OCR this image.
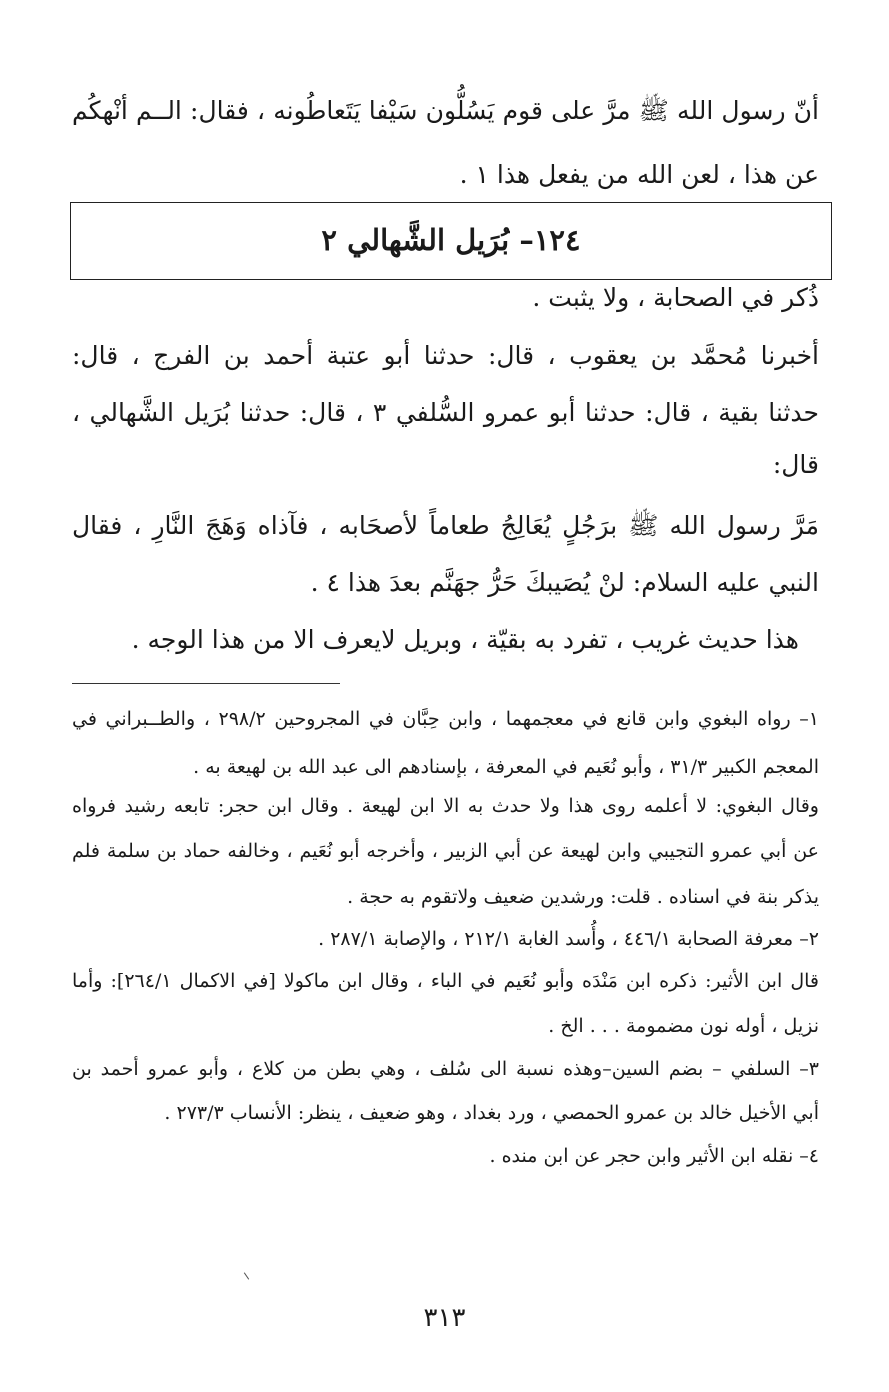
أنّ رسول الله ﷺ مرَّ على قوم يَسُلُّون سَيْفا يَتَعاطُونه ، فقال: الــم أنْهكُم
عن هذا ، لعن الله من يفعل هذا ١ .
١٢٤– بُرَيل الشَّهالي ٢
ذُكر في الصحابة ، ولا يثبت .
أخبرنا مُحمَّد بن يعقوب ، قال: حدثنا أبو عتبة أحمد بن الفرج ، قال:
حدثنا بقية ، قال: حدثنا أبو عمرو السُّلفي ٣ ، قال: حدثنا بُرَيل الشَّهالي ،
قال:
مَرَّ رسول الله ﷺ برَجُلٍ يُعَالِجُ طعاماً لأصحَابه ، فآذاه وَهَجَ النَّارِ ، فقال
النبي عليه السلام: لنْ يُصَيبكَ حَرُّ جهَنَّم بعدَ هذا ٤ .
هذا حديث غريب ، تفرد به بقيّة ، وبريل لايعرف الا من هذا الوجه .
١– رواه البغوي وابن قانع في معجمهما ، وابن حِبَّان في المجروحين ٢٩٨/٢ ، والطــبراني في
المعجم الكبير ٣١/٣ ، وأبو نُعَيم في المعرفة ، بإسنادهم الى عبد الله بن لهيعة به .
وقال البغوي: لا أعلمه روى هذا ولا حدث به الا ابن لهيعة . وقال ابن حجر: تابعه رشيد فرواه
عن أبي عمرو التجيبي وابن لهيعة عن أبي الزبير ، وأخرجه أبو نُعَيم ، وخالفه حماد بن سلمة فلم
يذكر بنة في اسناده . قلت: ورشدين ضعيف ولاتقوم به حجة .
٢– معرفة الصحابة ٤٤٦/١ ، وأُسد الغابة ٢١٢/١ ، والإصابة ٢٨٧/١ .
قال ابن الأثير: ذكره ابن مَنْدَه وأبو نُعَيم في الباء ، وقال ابن ماكولا [في الاكمال ٢٦٤/١]: وأما
نزيل ، أوله نون مضمومة . . . الخ .
٣– السلفي – بضم السين–وهذه نسبة الى سُلف ، وهي بطن من كلاع ، وأبو عمرو أحمد بن
أبي الأخيل خالد بن عمرو الحمصي ، ورد بغداد ، وهو ضعيف ، ينظر: الأنساب ٢٧٣/٣ .
٤– نقله ابن الأثير وابن حجر عن ابن منده .
٣١٣
